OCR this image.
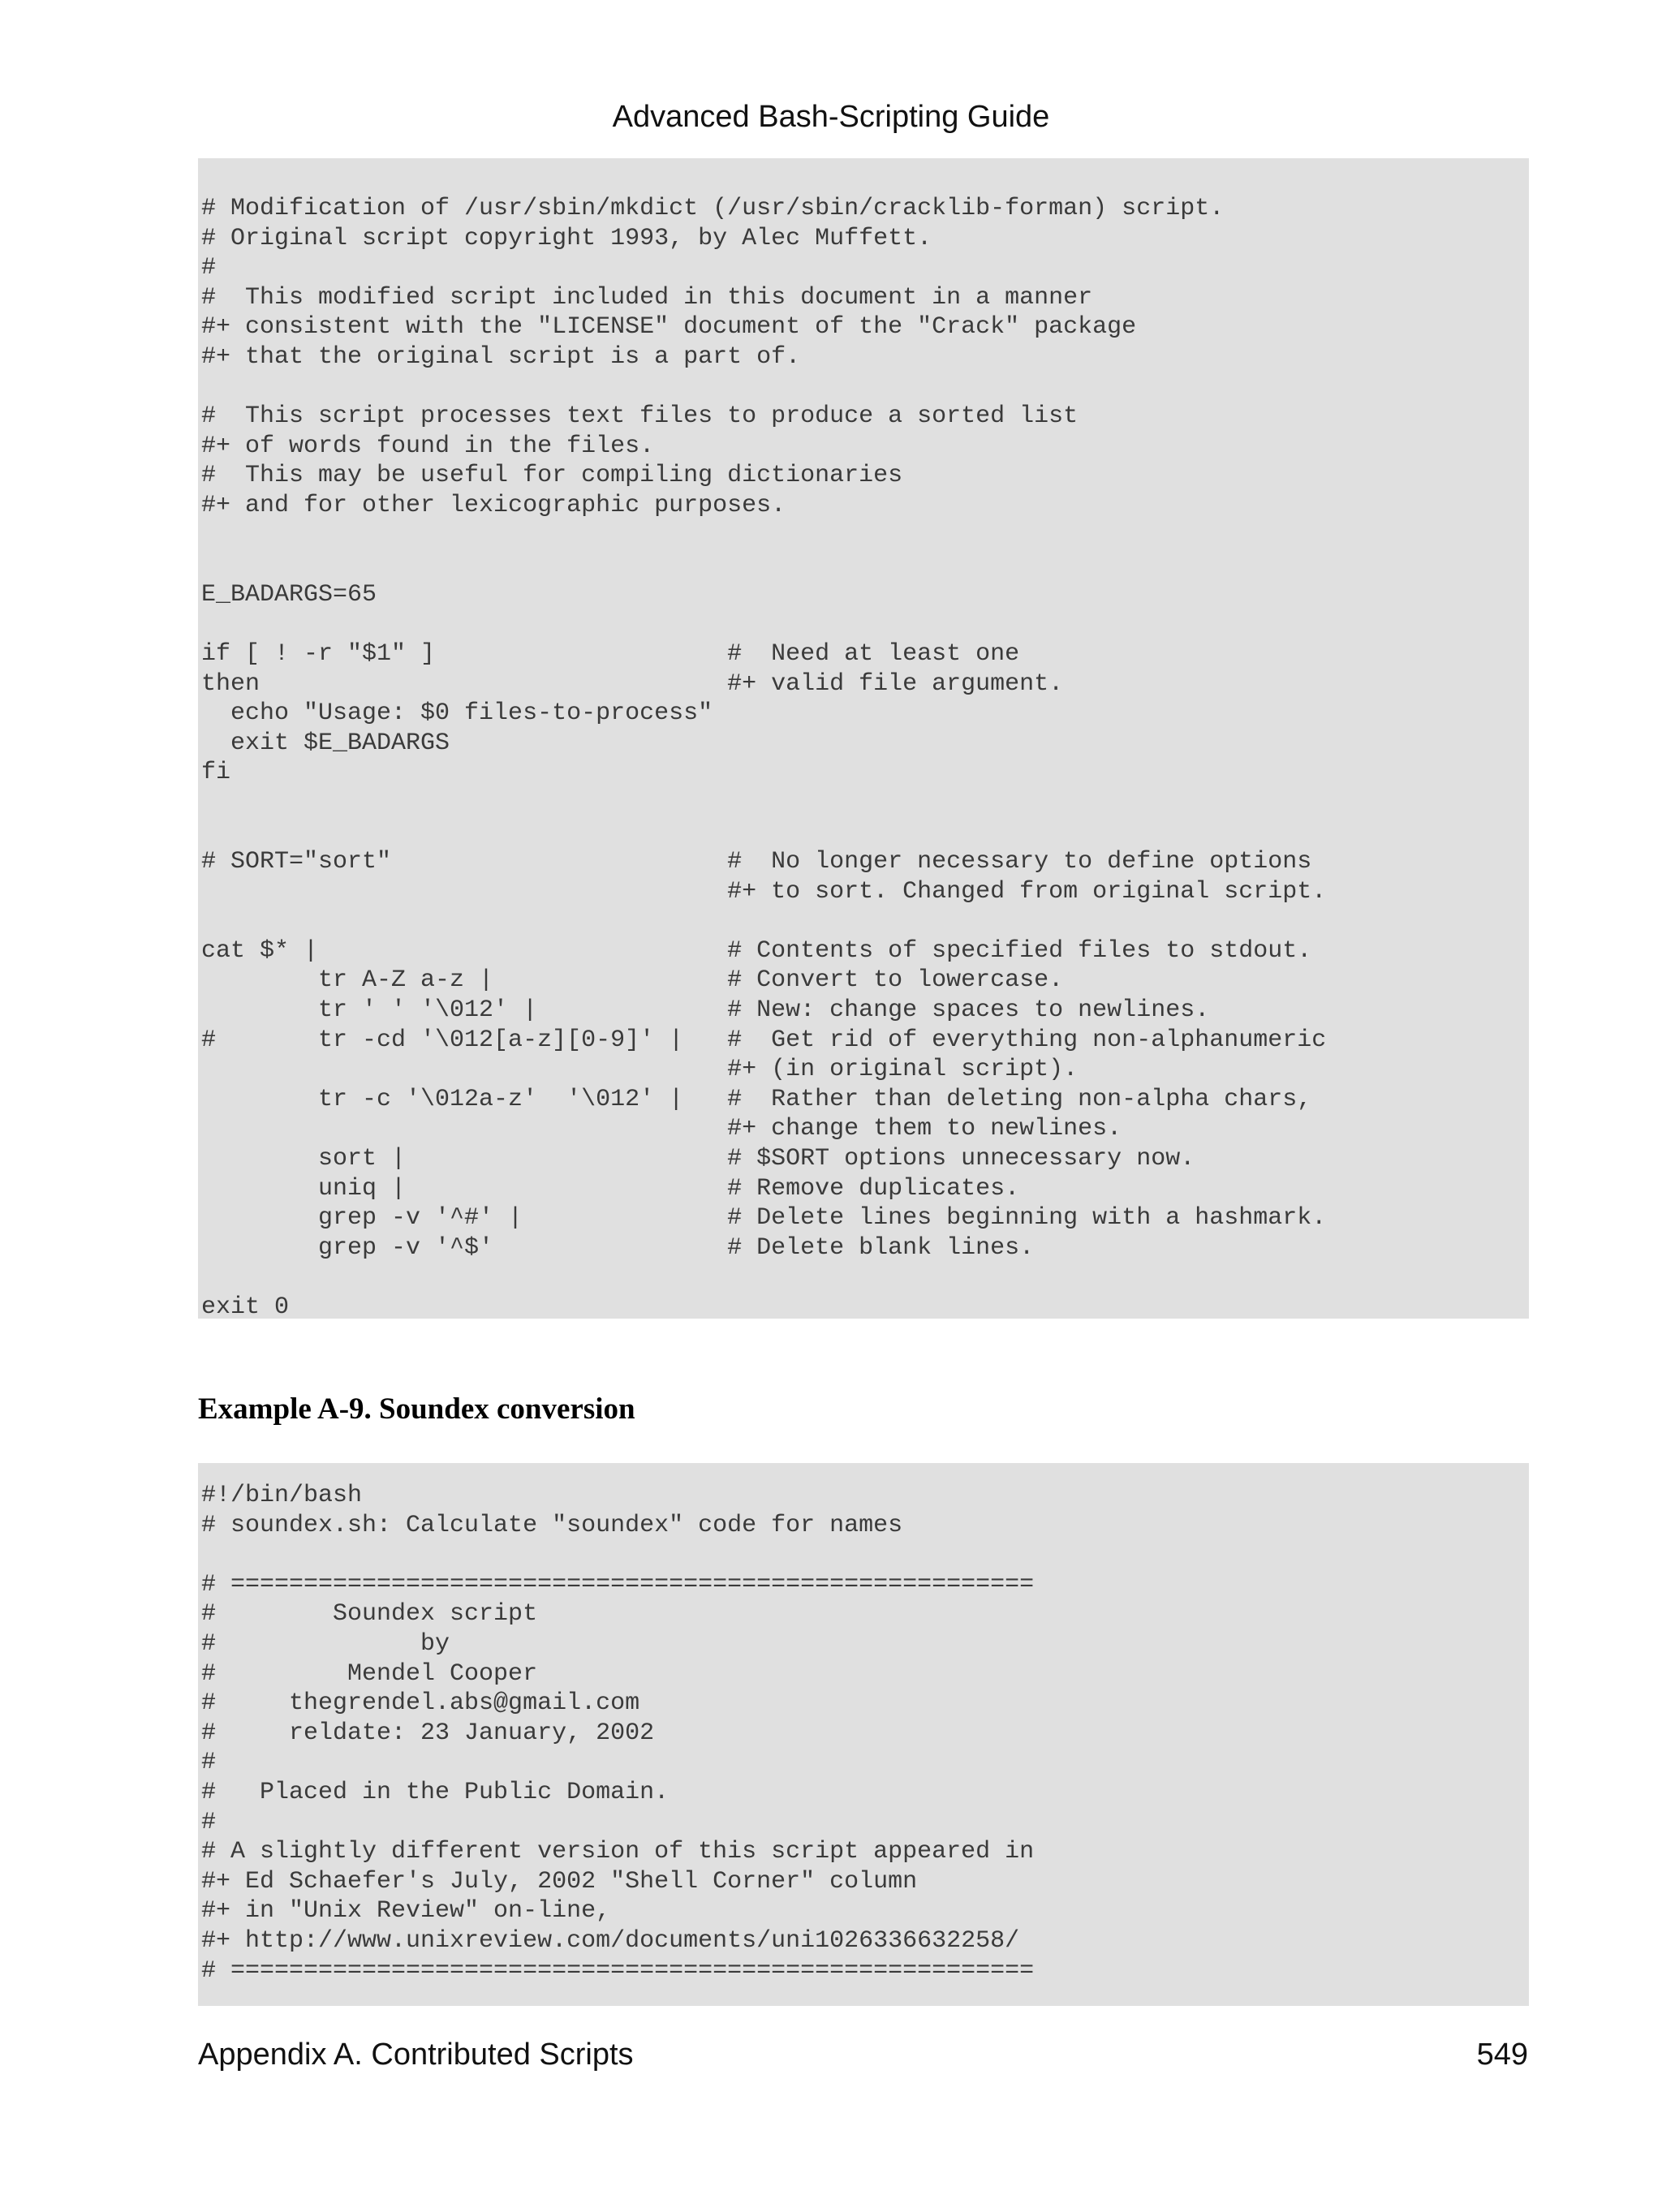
Advanced Bash-Scripting Guide
# Modification of /usr/sbin/mkdict (/usr/sbin/cracklib-forman) script.
# Original script copyright 1993, by Alec Muffett.
#
#  This modified script included in this document in a manner
#+ consistent with the "LICENSE" document of the "Crack" package
#+ that the original script is a part of.

#  This script processes text files to produce a sorted list
#+ of words found in the files.
#  This may be useful for compiling dictionaries
#+ and for other lexicographic purposes.

E_BADARGS=65

if [ ! -r "$1" ]                    #  Need at least one
then                                #+ valid file argument.
echo "Usage: $0 files-to-process"
exit $E_BADARGS
fi

# SORT="sort"                       #  No longer necessary to define options
#+ to sort. Changed from original script.

cat $* |                            # Contents of specified files to stdout.
tr A-Z a-z |                # Convert to lowercase.
tr ' ' '\012' |             # New: change spaces to newlines.
#       tr -cd '\012[a-z][0-9]' |   #  Get rid of everything non-alphanumeric
#+ (in original script).
tr -c '\012a-z'  '\012' |   #  Rather than deleting non-alpha chars,
#+ change them to newlines.
sort |                      # $SORT options unnecessary now.
uniq |                      # Remove duplicates.
grep -v '^#' |              # Delete lines beginning with a hashmark.
grep -v '^$'                # Delete blank lines.

exit 0
Example A-9. Soundex conversion
#!/bin/bash
# soundex.sh: Calculate "soundex" code for names

# =======================================================
#        Soundex script
#              by
#         Mendel Cooper
#     thegrendel.abs@gmail.com
#     reldate: 23 January, 2002
#
#   Placed in the Public Domain.
#
# A slightly different version of this script appeared in
#+ Ed Schaefer's July, 2002 "Shell Corner" column
#+ in "Unix Review" on-line,
#+ http://www.unixreview.com/documents/uni1026336632258/
# =======================================================
Appendix A. Contributed Scripts	549
